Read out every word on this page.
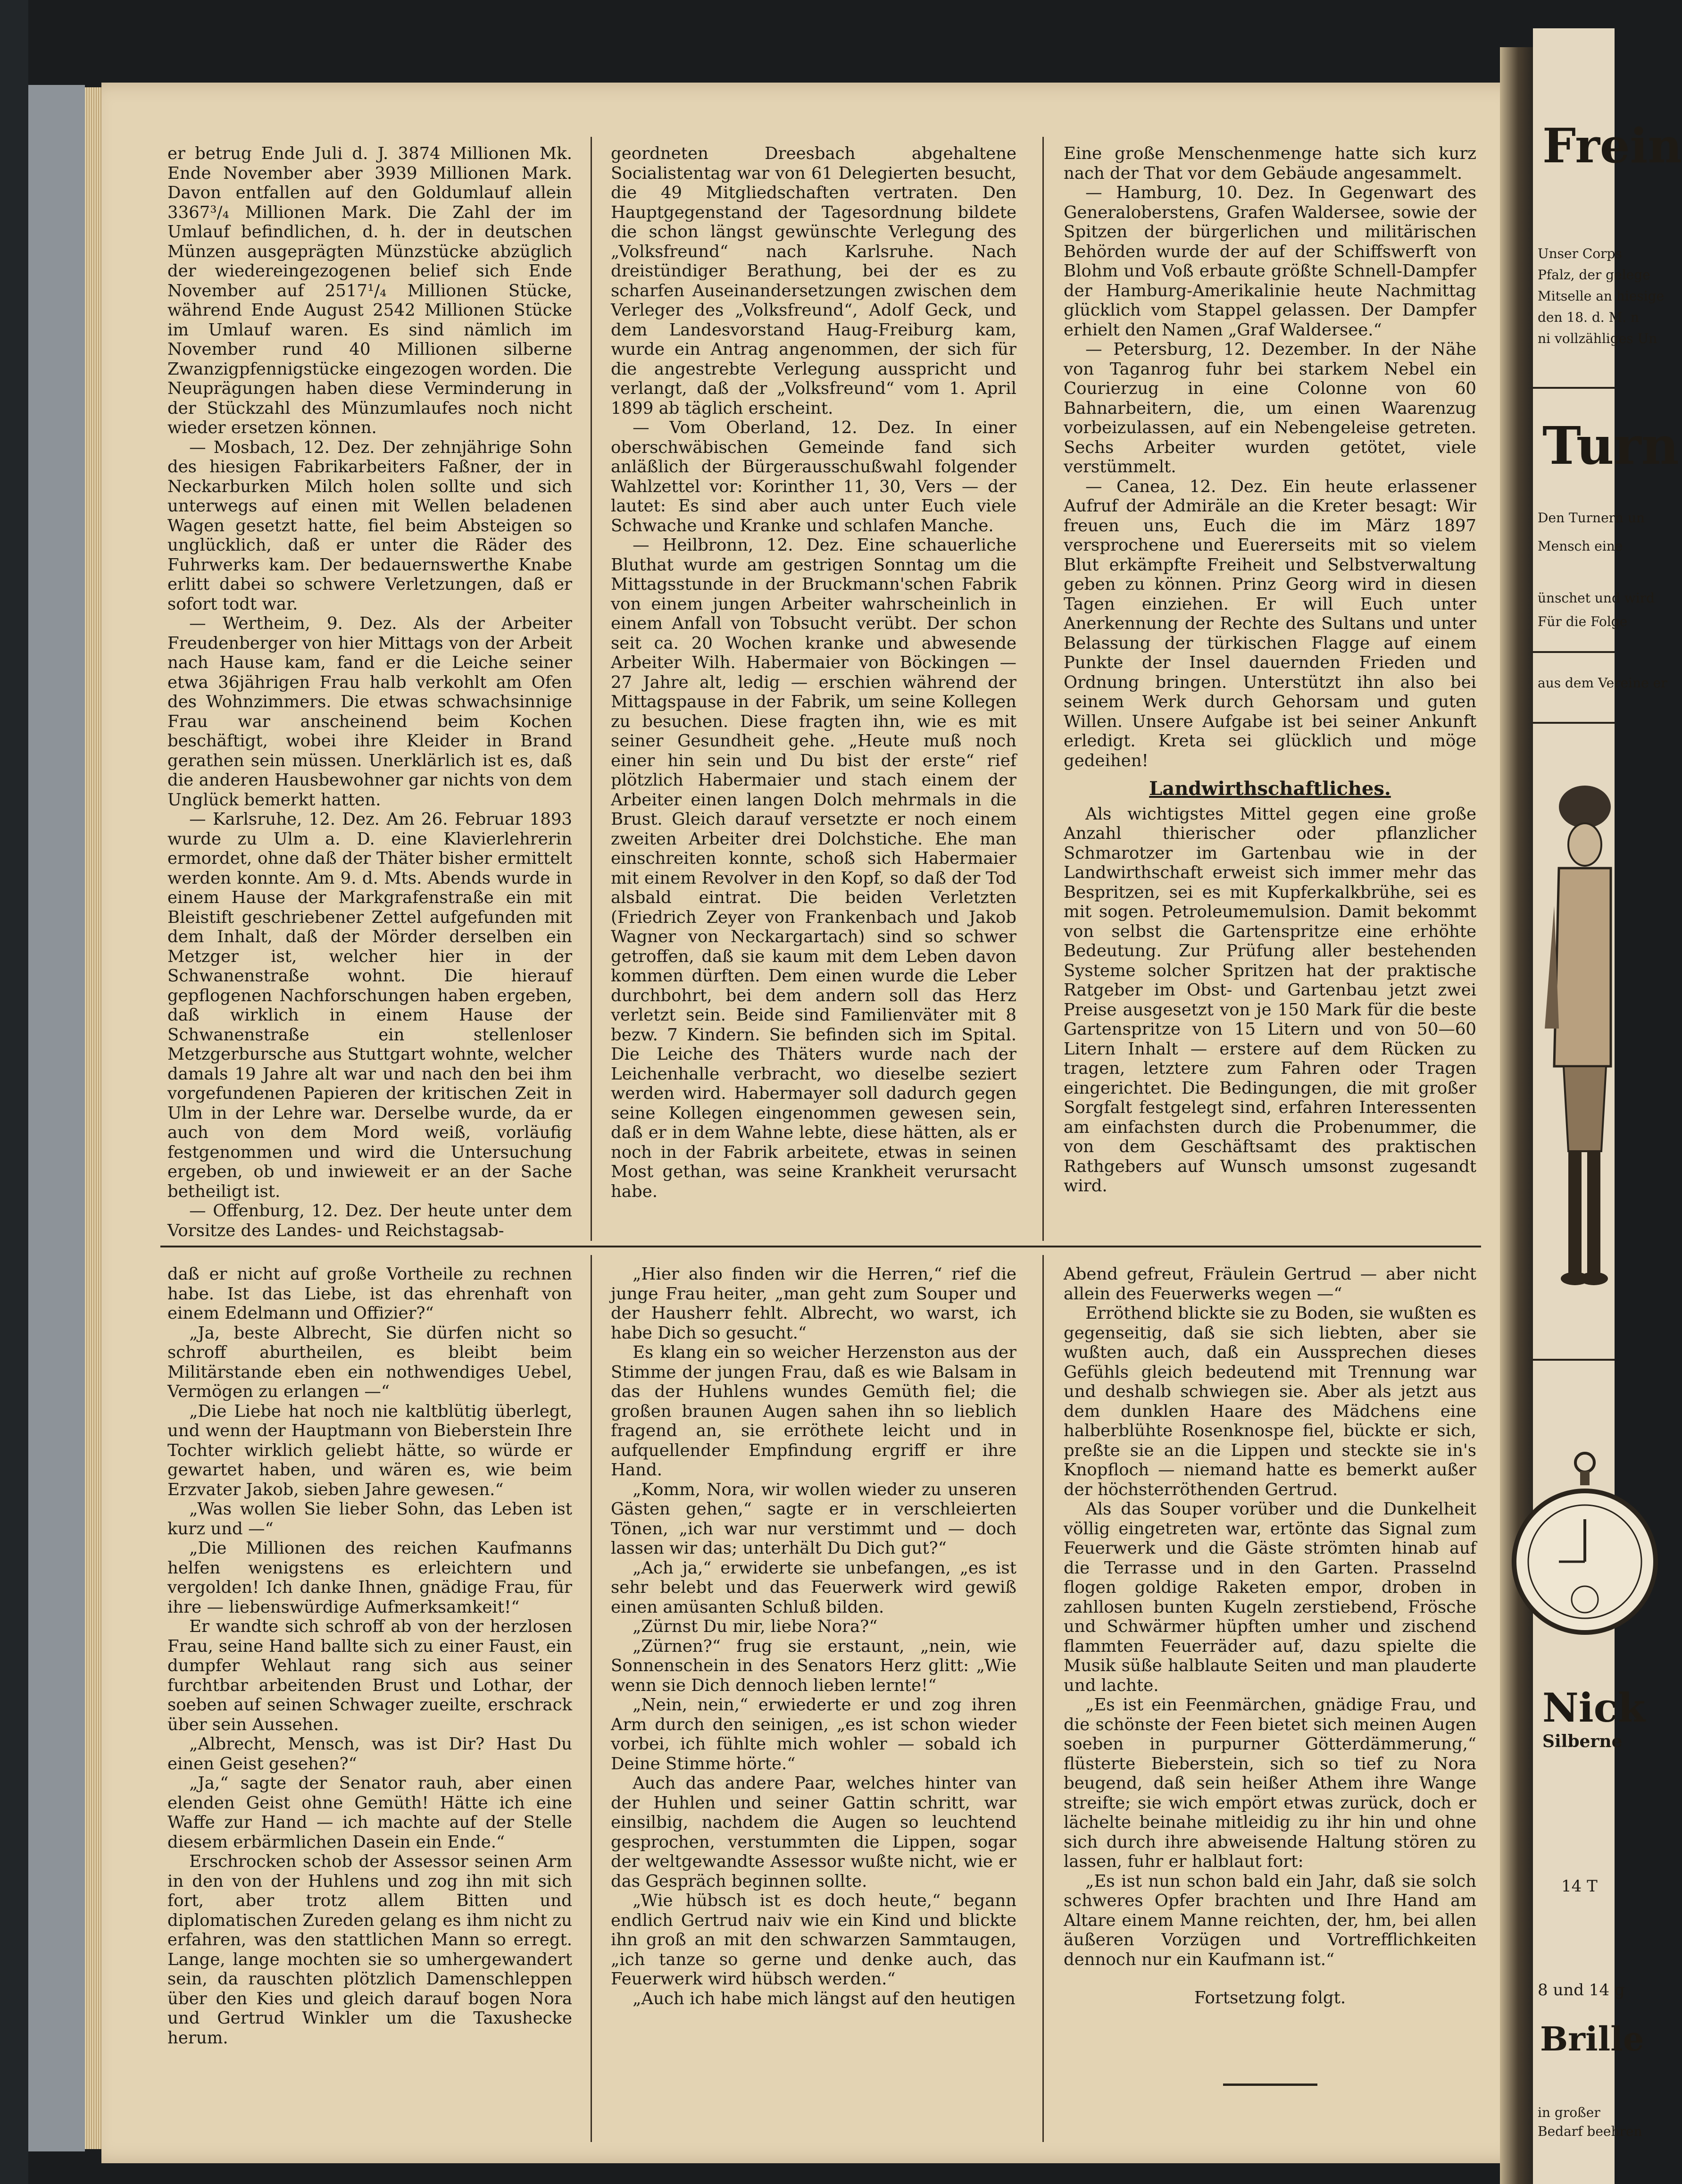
er betrug Ende Juli d. J. 3874 Millionen Mk. Ende November aber 3939 Millionen Mark. Davon entfallen auf den Goldumlauf allein 3367³/₄ Millionen Mark. Die Zahl der im Umlauf befindlichen, d. h. der in deutschen Münzen ausgeprägten Münzstücke abzüglich der wiedereingezogenen belief sich Ende November auf 2517¹/₄ Millionen Stücke, während Ende August 2542 Millionen Stücke im Umlauf waren. Es sind nämlich im November rund 40 Millionen silberne Zwanzigpfennigstücke eingezogen worden. Die Neuprägungen haben diese Verminderung in der Stückzahl des Münzumlaufes noch nicht wieder ersetzen können.

— Mosbach, 12. Dez. Der zehnjährige Sohn des hiesigen Fabrikarbeiters Faßner, der in Neckarburken Milch holen sollte und sich unterwegs auf einen mit Wellen beladenen Wagen gesetzt hatte, fiel beim Absteigen so unglücklich, daß er unter die Räder des Fuhrwerks kam. Der bedauernswerthe Knabe erlitt dabei so schwere Verletzungen, daß er sofort todt war.

— Wertheim, 9. Dez. Als der Arbeiter Freudenberger von hier Mittags von der Arbeit nach Hause kam, fand er die Leiche seiner etwa 36jährigen Frau halb verkohlt am Ofen des Wohnzimmers. Die etwas schwachsinnige Frau war anscheinend beim Kochen beschäftigt, wobei ihre Kleider in Brand gerathen sein müssen. Unerklärlich ist es, daß die anderen Hausbewohner gar nichts von dem Unglück bemerkt hatten.

— Karlsruhe, 12. Dez. Am 26. Februar 1893 wurde zu Ulm a. D. eine Klavierlehrerin ermordet, ohne daß der Thäter bisher ermittelt werden konnte. Am 9. d. Mts. Abends wurde in einem Hause der Markgrafenstraße ein mit Bleistift geschriebener Zettel aufgefunden mit dem Inhalt, daß der Mörder derselben ein Metzger ist, welcher hier in der Schwanenstraße wohnt. Die hierauf gepflogenen Nachforschungen haben ergeben, daß wirklich in einem Hause der Schwanenstraße ein stellenloser Metzgerbursche aus Stuttgart wohnte, welcher damals 19 Jahre alt war und nach den bei ihm vorgefundenen Papieren der kritischen Zeit in Ulm in der Lehre war. Derselbe wurde, da er auch von dem Mord weiß, vorläufig festgenommen und wird die Untersuchung ergeben, ob und inwieweit er an der Sache betheiligt ist.

— Offenburg, 12. Dez. Der heute unter dem Vorsitze des Landes- und Reichstagsab-

geordneten Dreesbach abgehaltene Socialistentag war von 61 Delegierten besucht, die 49 Mitgliedschaften vertraten. Den Hauptgegenstand der Tagesordnung bildete die schon längst gewünschte Verlegung des „Volksfreund“ nach Karlsruhe. Nach dreistündiger Berathung, bei der es zu scharfen Auseinandersetzungen zwischen dem Verleger des „Volksfreund“, Adolf Geck, und dem Landesvorstand Haug-Freiburg kam, wurde ein Antrag angenommen, der sich für die angestrebte Verlegung ausspricht und verlangt, daß der „Volksfreund“ vom 1. April 1899 ab täglich erscheint.

— Vom Oberland, 12. Dez. In einer oberschwäbischen Gemeinde fand sich anläßlich der Bürgerausschußwahl folgender Wahlzettel vor: Korinther 11, 30, Vers — der lautet: Es sind aber auch unter Euch viele Schwache und Kranke und schlafen Manche.

— Heilbronn, 12. Dez. Eine schauerliche Bluthat wurde am gestrigen Sonntag um die Mittagsstunde in der Bruckmann'schen Fabrik von einem jungen Arbeiter wahrscheinlich in einem Anfall von Tobsucht verübt. Der schon seit ca. 20 Wochen kranke und abwesende Arbeiter Wilh. Habermaier von Böckingen — 27 Jahre alt, ledig — erschien während der Mittagspause in der Fabrik, um seine Kollegen zu besuchen. Diese fragten ihn, wie es mit seiner Gesundheit gehe. „Heute muß noch einer hin sein und Du bist der erste“ rief plötzlich Habermaier und stach einem der Arbeiter einen langen Dolch mehrmals in die Brust. Gleich darauf versetzte er noch einem zweiten Arbeiter drei Dolchstiche. Ehe man einschreiten konnte, schoß sich Habermaier mit einem Revolver in den Kopf, so daß der Tod alsbald eintrat. Die beiden Verletzten (Friedrich Zeyer von Frankenbach und Jakob Wagner von Neckargartach) sind so schwer getroffen, daß sie kaum mit dem Leben davon kommen dürften. Dem einen wurde die Leber durchbohrt, bei dem andern soll das Herz verletzt sein. Beide sind Familienväter mit 8 bezw. 7 Kindern. Sie befinden sich im Spital. Die Leiche des Thäters wurde nach der Leichenhalle verbracht, wo dieselbe seziert werden wird. Habermayer soll dadurch gegen seine Kollegen eingenommen gewesen sein, daß er in dem Wahne lebte, diese hätten, als er noch in der Fabrik arbeitete, etwas in seinen Most gethan, was seine Krankheit verursacht habe.

Eine große Menschenmenge hatte sich kurz nach der That vor dem Gebäude angesammelt.

— Hamburg, 10. Dez. In Gegenwart des Generaloberstens, Grafen Waldersee, sowie der Spitzen der bürgerlichen und militärischen Behörden wurde der auf der Schiffswerft von Blohm und Voß erbaute größte Schnell-Dampfer der Hamburg-Amerikalinie heute Nachmittag glücklich vom Stappel gelassen. Der Dampfer erhielt den Namen „Graf Waldersee.“

— Petersburg, 12. Dezember. In der Nähe von Taganrog fuhr bei starkem Nebel ein Courierzug in eine Colonne von 60 Bahnarbeitern, die, um einen Waarenzug vorbeizulassen, auf ein Nebengeleise getreten. Sechs Arbeiter wurden getötet, viele verstümmelt.

— Canea, 12. Dez. Ein heute erlassener Aufruf der Admiräle an die Kreter besagt: Wir freuen uns, Euch die im März 1897 versprochene und Euererseits mit so vielem Blut erkämpfte Freiheit und Selbstverwaltung geben zu können. Prinz Georg wird in diesen Tagen einziehen. Er will Euch unter Anerkennung der Rechte des Sultans und unter Belassung der türkischen Flagge auf einem Punkte der Insel dauernden Frieden und Ordnung bringen. Unterstützt ihn also bei seinem Werk durch Gehorsam und guten Willen. Unsere Aufgabe ist bei seiner Ankunft erledigt. Kreta sei glücklich und möge gedeihen!

Landwirthschaftliches.

Als wichtigstes Mittel gegen eine große Anzahl thierischer oder pflanzlicher Schmarotzer im Gartenbau wie in der Landwirthschaft erweist sich immer mehr das Bespritzen, sei es mit Kupferkalkbrühe, sei es mit sogen. Petroleumemulsion. Damit bekommt von selbst die Gartenspritze eine erhöhte Bedeutung. Zur Prüfung aller bestehenden Systeme solcher Spritzen hat der praktische Ratgeber im Obst- und Gartenbau jetzt zwei Preise ausgesetzt von je 150 Mark für die beste Gartenspritze von 15 Litern und von 50—60 Litern Inhalt — erstere auf dem Rücken zu tragen, letztere zum Fahren oder Tragen eingerichtet. Die Bedingungen, die mit großer Sorgfalt festgelegt sind, erfahren Interessenten am einfachsten durch die Probenummer, die von dem Geschäftsamt des praktischen Rathgebers auf Wunsch umsonst zugesandt wird.

daß er nicht auf große Vortheile zu rechnen habe. Ist das Liebe, ist das ehrenhaft von einem Edelmann und Offizier?“

„Ja, beste Albrecht, Sie dürfen nicht so schroff aburtheilen, es bleibt beim Militärstande eben ein nothwendiges Uebel, Vermögen zu erlangen —“

„Die Liebe hat noch nie kaltblütig überlegt, und wenn der Hauptmann von Bieberstein Ihre Tochter wirklich geliebt hätte, so würde er gewartet haben, und wären es, wie beim Erzvater Jakob, sieben Jahre gewesen.“

„Was wollen Sie lieber Sohn, das Leben ist kurz und —“

„Die Millionen des reichen Kaufmanns helfen wenigstens es erleichtern und vergolden! Ich danke Ihnen, gnädige Frau, für ihre — liebenswürdige Aufmerksamkeit!“

Er wandte sich schroff ab von der herzlosen Frau, seine Hand ballte sich zu einer Faust, ein dumpfer Wehlaut rang sich aus seiner furchtbar arbeitenden Brust und Lothar, der soeben auf seinen Schwager zueilte, erschrack über sein Aussehen.

„Albrecht, Mensch, was ist Dir? Hast Du einen Geist gesehen?“

„Ja,“ sagte der Senator rauh, aber einen elenden Geist ohne Gemüth! Hätte ich eine Waffe zur Hand — ich machte auf der Stelle diesem erbärmlichen Dasein ein Ende.“

Erschrocken schob der Assessor seinen Arm in den von der Huhlens und zog ihn mit sich fort, aber trotz allem Bitten und diplomatischen Zureden gelang es ihm nicht zu erfahren, was den stattlichen Mann so erregt. Lange, lange mochten sie so umhergewandert sein, da rauschten plötzlich Damenschleppen über den Kies und gleich darauf bogen Nora und Gertrud Winkler um die Taxushecke herum.

„Hier also finden wir die Herren,“ rief die junge Frau heiter, „man geht zum Souper und der Hausherr fehlt. Albrecht, wo warst, ich habe Dich so gesucht.“

Es klang ein so weicher Herzenston aus der Stimme der jungen Frau, daß es wie Balsam in das der Huhlens wundes Gemüth fiel; die großen braunen Augen sahen ihn so lieblich fragend an, sie erröthete leicht und in aufquellender Empfindung ergriff er ihre Hand.

„Komm, Nora, wir wollen wieder zu unseren Gästen gehen,“ sagte er in verschleierten Tönen, „ich war nur verstimmt und — doch lassen wir das; unterhält Du Dich gut?“

„Ach ja,“ erwiderte sie unbefangen, „es ist sehr belebt und das Feuerwerk wird gewiß einen amüsanten Schluß bilden.

„Zürnst Du mir, liebe Nora?“

„Zürnen?“ frug sie erstaunt, „nein, wie Sonnenschein in des Senators Herz glitt: „Wie wenn sie Dich dennoch lieben lernte!“

„Nein, nein,“ erwiederte er und zog ihren Arm durch den seinigen, „es ist schon wieder vorbei, ich fühlte mich wohler — sobald ich Deine Stimme hörte.“

Auch das andere Paar, welches hinter van der Huhlen und seiner Gattin schritt, war einsilbig, nachdem die Augen so leuchtend gesprochen, verstummten die Lippen, sogar der weltgewandte Assessor wußte nicht, wie er das Gespräch beginnen sollte.

„Wie hübsch ist es doch heute,“ begann endlich Gertrud naiv wie ein Kind und blickte ihn groß an mit den schwarzen Sammtaugen, „ich tanze so gerne und denke auch, das Feuerwerk wird hübsch werden.“

„Auch ich habe mich längst auf den heutigen

Abend gefreut, Fräulein Gertrud — aber nicht allein des Feuerwerks wegen —“

Erröthend blickte sie zu Boden, sie wußten es gegenseitig, daß sie sich liebten, aber sie wußten auch, daß ein Aussprechen dieses Gefühls gleich bedeutend mit Trennung war und deshalb schwiegen sie. Aber als jetzt aus dem dunklen Haare des Mädchens eine halberblühte Rosenknospe fiel, bückte er sich, preßte sie an die Lippen und steckte sie in's Knopfloch — niemand hatte es bemerkt außer der höchsterröthenden Gertrud.

Als das Souper vorüber und die Dunkelheit völlig eingetreten war, ertönte das Signal zum Feuerwerk und die Gäste strömten hinab auf die Terrasse und in den Garten. Prasselnd flogen goldige Raketen empor, droben in zahllosen bunten Kugeln zerstiebend, Frösche und Schwärmer hüpften umher und zischend flammten Feuerräder auf, dazu spielte die Musik süße halblaute Seiten und man plauderte und lachte.

„Es ist ein Feenmärchen, gnädige Frau, und die schönste der Feen bietet sich meinen Augen soeben in purpurner Götterdämmerung,“ flüsterte Bieberstein, sich so tief zu Nora beugend, daß sein heißer Athem ihre Wange streifte; sie wich empört etwas zurück, doch er lächelte beinahe mitleidig zu ihr hin und ohne sich durch ihre abweisende Haltung stören zu lassen, fuhr er halblaut fort:

„Es ist nun schon bald ein Jahr, daß sie solch schweres Opfer brachten und Ihre Hand am Altare einem Manne reichten, der, hm, bei allen äußeren Vorzügen und Vortrefflichkeiten dennoch nur ein Kaufmann ist.“

Fortsetzung folgt.

Frein
Unser Corps
Pfalz, der gelege
Mitselle an hiesige
den 18. d. M. n
ni vollzähliges Un
Turn
Den Turnern un
Mensch eine
ünschet und wird
Für die Folge
aus dem Vereine er
Nick
Silberne
14 T
8 und 14 g
Brille
in großer
Bedarf beehren
